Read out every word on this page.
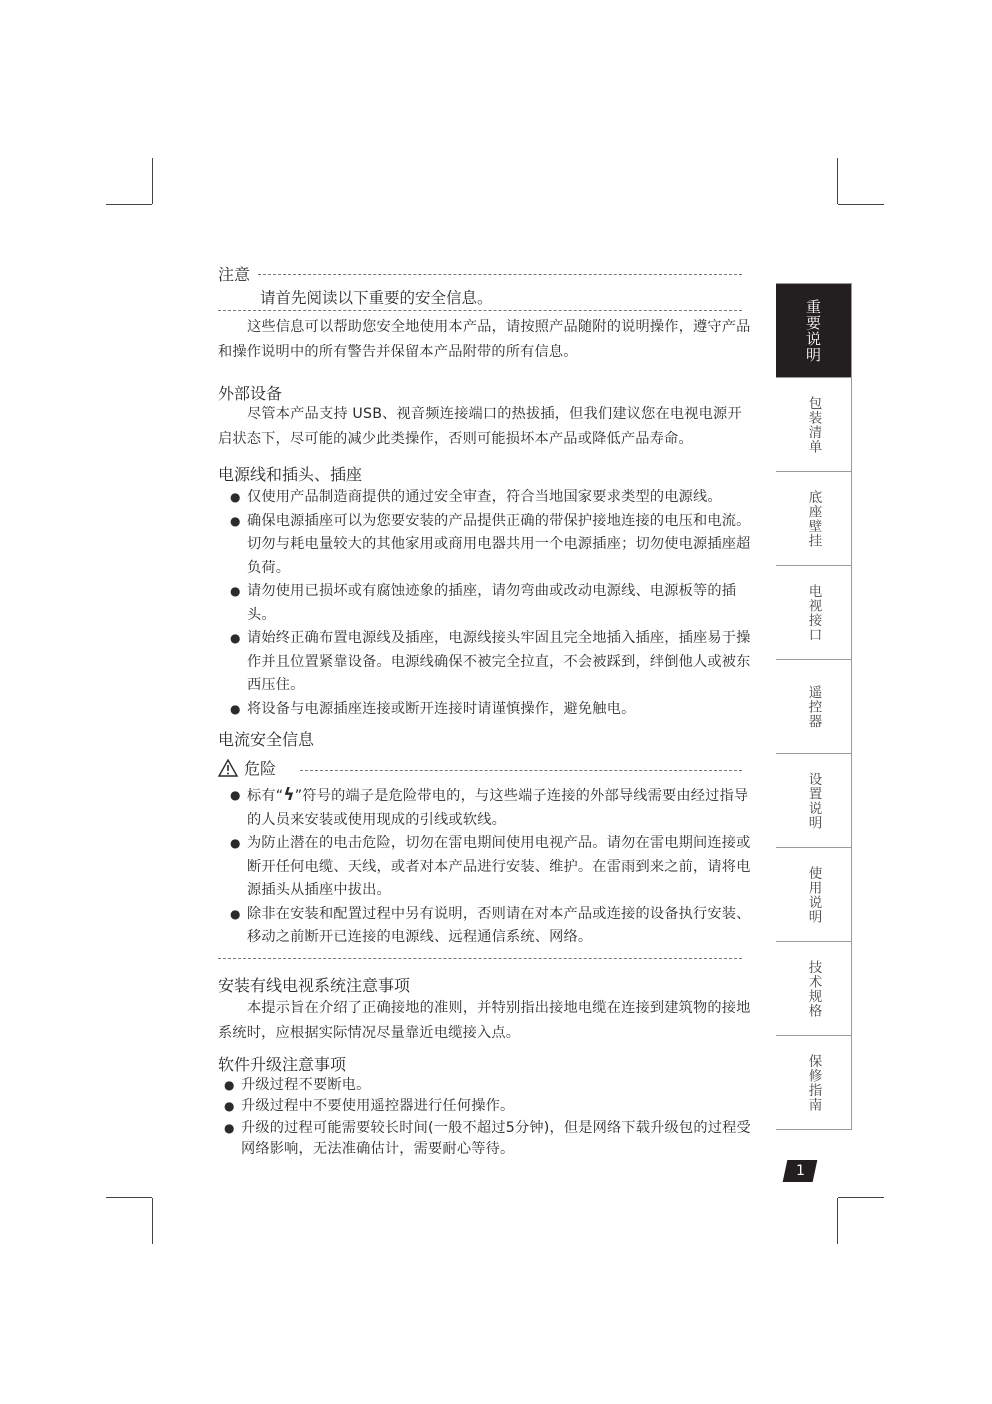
注意
请首先阅读以下重要的安全信息。
这些信息可以帮助您安全地使用本产品，请按照产品随附的说明操作，遵守产品和操作说明中的所有警告并保留本产品附带的所有信息。
外部设备
尽管本产品支持 USB、视音频连接端口的热拔插，但我们建议您在电视电源开启状态下，尽可能的减少此类操作，否则可能损坏本产品或降低产品寿命。
电源线和插头、插座
● 仅使用产品制造商提供的通过安全审查，符合当地国家要求类型的电源线。
● 确保电源插座可以为您要安装的产品提供正确的带保护接地连接的电压和电流。切勿与耗电量较大的其他家用或商用电器共用一个电源插座；切勿使电源插座超负荷。
● 请勿使用已损坏或有腐蚀迹象的插座，请勿弯曲或改动电源线、电源板等的插头。
● 请始终正确布置电源线及插座，电源线接头牢固且完全地插入插座，插座易于操作并且位置紧靠设备。电源线确保不被完全拉直，不会被踩到，绊倒他人或被东西压住。
● 将设备与电源插座连接或断开连接时请谨慎操作，避免触电。
电流安全信息
危险
● 标有“ϟ”符号的端子是危险带电的，与这些端子连接的外部导线需要由经过指导的人员来安装或使用现成的引线或软线。
● 为防止潜在的电击危险，切勿在雷电期间使用电视产品。请勿在雷电期间连接或断开任何电缆、天线，或者对本产品进行安装、维护。在雷雨到来之前，请将电源插头从插座中拔出。
● 除非在安装和配置过程中另有说明，否则请在对本产品或连接的设备执行安装、移动之前断开已连接的电源线、远程通信系统、网络。
安装有线电视系统注意事项
本提示旨在介绍了正确接地的准则，并特别指出接地电缆在连接到建筑物的接地系统时，应根据实际情况尽量靠近电缆接入点。
软件升级注意事项
● 升级过程不要断电。
● 升级过程中不要使用遥控器进行任何操作。
● 升级的过程可能需要较长时间(一般不超过5分钟)，但是网络下载升级包的过程受网络影响，无法准确估计，需要耐心等待。
重要说明
包装清单
底座壁挂
电视接口
遥控器
设置说明
使用说明
技术规格
保修指南
1
